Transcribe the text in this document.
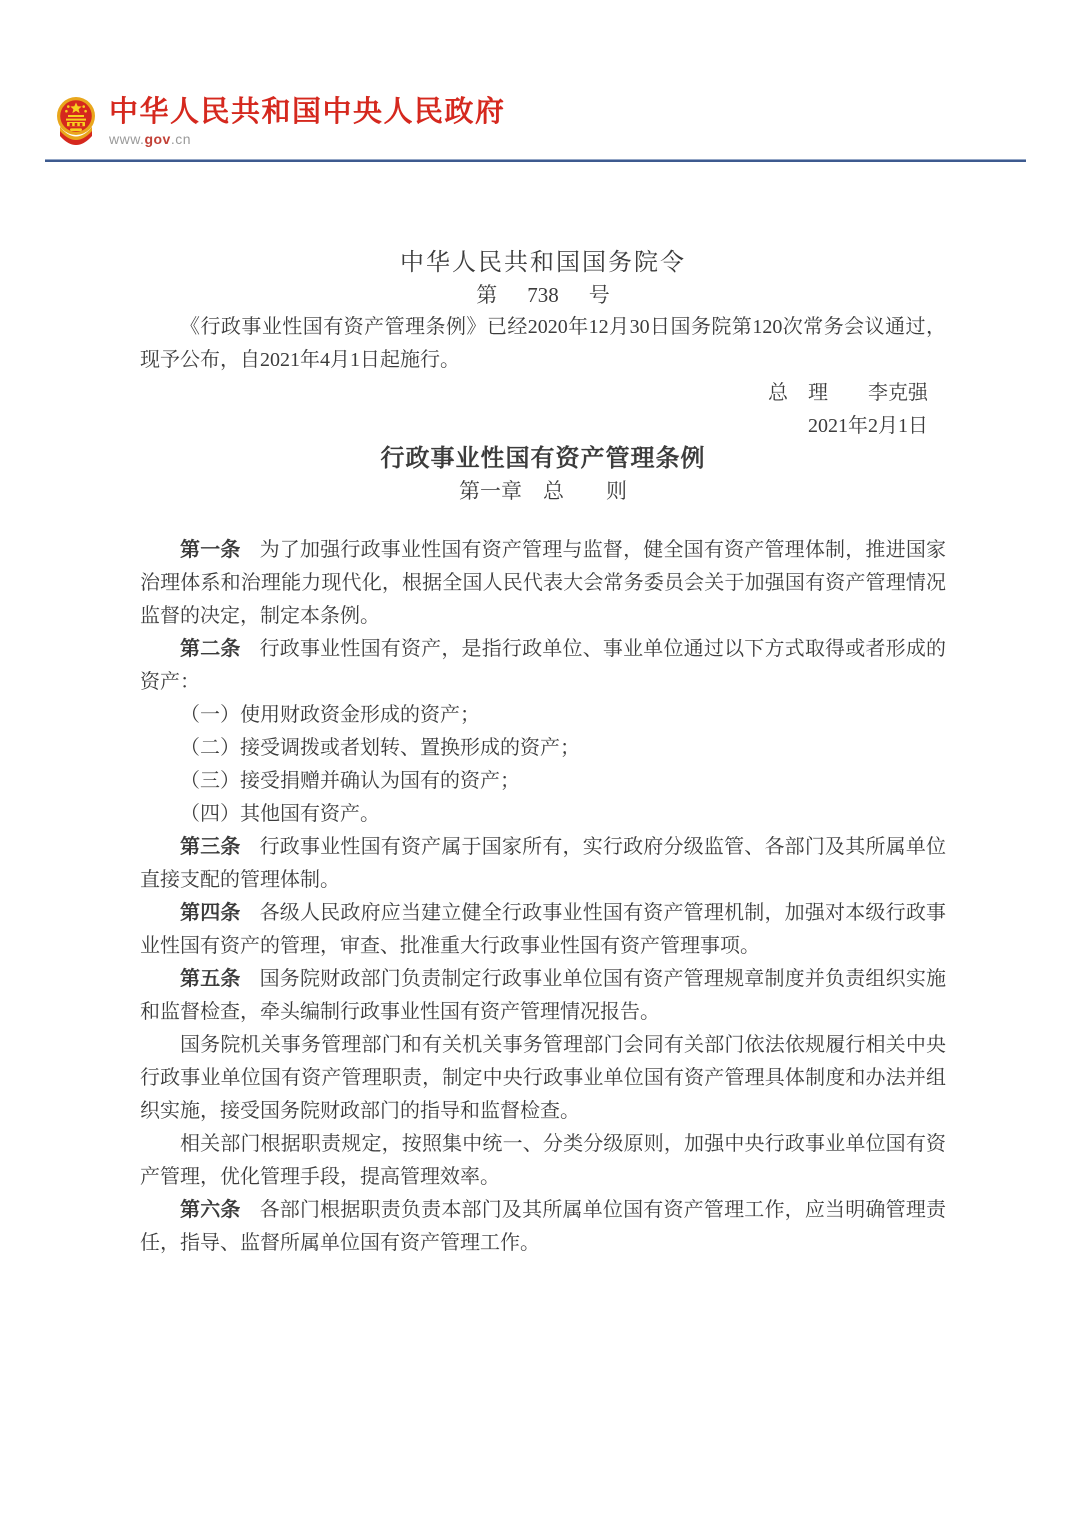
中华人民共和国中央人民政府
www.gov.cn

中华人民共和国国务院令

第 738 号

《行政事业性国有资产管理条例》已经2020年12月30日国务院第120次常务会议通过，现予公布，自2021年4月1日起施行。

总　理 李克强

2021年2月1日

行政事业性国有资产管理条例

第一章　总　　则

第一条 为了加强行政事业性国有资产管理与监督，健全国有资产管理体制，推进国家治理体系和治理能力现代化，根据全国人民代表大会常务委员会关于加强国有资产管理情况监督的决定，制定本条例。

第二条 行政事业性国有资产，是指行政单位、事业单位通过以下方式取得或者形成的资产：

（一）使用财政资金形成的资产；

（二）接受调拨或者划转、置换形成的资产；

（三）接受捐赠并确认为国有的资产；

（四）其他国有资产。

第三条 行政事业性国有资产属于国家所有，实行政府分级监管、各部门及其所属单位直接支配的管理体制。

第四条 各级人民政府应当建立健全行政事业性国有资产管理机制，加强对本级行政事业性国有资产的管理，审查、批准重大行政事业性国有资产管理事项。

第五条 国务院财政部门负责制定行政事业单位国有资产管理规章制度并负责组织实施和监督检查，牵头编制行政事业性国有资产管理情况报告。

国务院机关事务管理部门和有关机关事务管理部门会同有关部门依法依规履行相关中央行政事业单位国有资产管理职责，制定中央行政事业单位国有资产管理具体制度和办法并组织实施，接受国务院财政部门的指导和监督检查。

相关部门根据职责规定，按照集中统一、分类分级原则，加强中央行政事业单位国有资产管理，优化管理手段，提高管理效率。

第六条 各部门根据职责负责本部门及其所属单位国有资产管理工作，应当明确管理责任，指导、监督所属单位国有资产管理工作。
